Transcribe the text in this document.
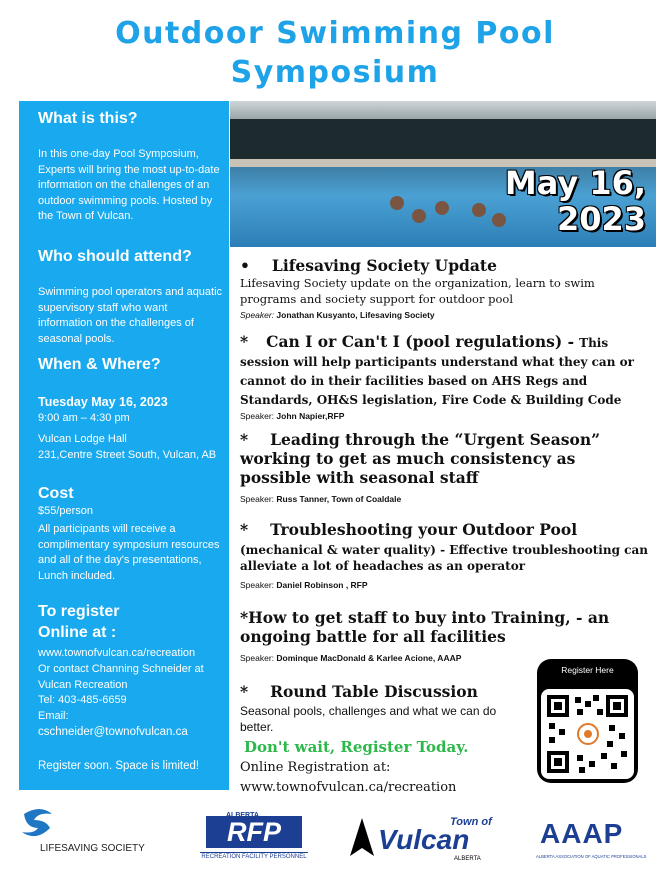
Outdoor Swimming Pool
Symposium
What is this?
In this one-day Pool Symposium, Experts will bring the most up-to-date information on the challenges of an outdoor swimming pools. Hosted by the Town of Vulcan.
Who should attend?
Swimming pool operators and aquatic supervisory staff who want information on the challenges of seasonal pools.
When & Where?
Tuesday May 16, 2023
9:00 am – 4:30 pm
Vulcan Lodge Hall
231,Centre Street South, Vulcan, AB
Cost
$55/person
All participants will receive a complimentary symposium resources and all of the day's presentations, Lunch included.
To register
Online at :
www.townofvulcan.ca/recreation
Or contact Channing Schneider at Vulcan Recreation
Tel: 403-485-6659
Email:
cschneider@townofvulcan.ca
Register soon. Space is limited!
May 16,
2023
• Lifesaving Society Update
Lifesaving Society update on the organization, learn to swim programs and society support for outdoor pool
Speaker: Jonathan Kusyanto, Lifesaving Society
* Can I or Can't I (pool regulations) - This session will help participants understand what they can or cannot do in their facilities based on AHS Regs and Standards, OH&S legislation, Fire Code & Building Code
Speaker: John Napier,RFP
* Leading through the “Urgent Season” working to get as much consistency as possible with seasonal staff
Speaker: Russ Tanner, Town of Coaldale
* Troubleshooting your Outdoor Pool
(mechanical & water quality) - Effective troubleshooting can alleviate a lot of headaches as an operator
Speaker: Daniel Robinson , RFP
*How to get staff to buy into Training, - an ongoing battle for all facilities
Speaker: Dominque MacDonald & Karlee Acione, AAAP
* Round Table Discussion
Seasonal pools, challenges and what we can do better.
Don't wait, Register Today.
Online Registration at:
www.townofvulcan.ca/recreation
Register Here
LIFESAVING SOCIETY
RFP
RECREATION FACILITY PERSONNEL
Town of
Vulcan
ALBERTA
AAAP
ALBERTA ASSOCIATION OF AQUATIC PROFESSIONALS
